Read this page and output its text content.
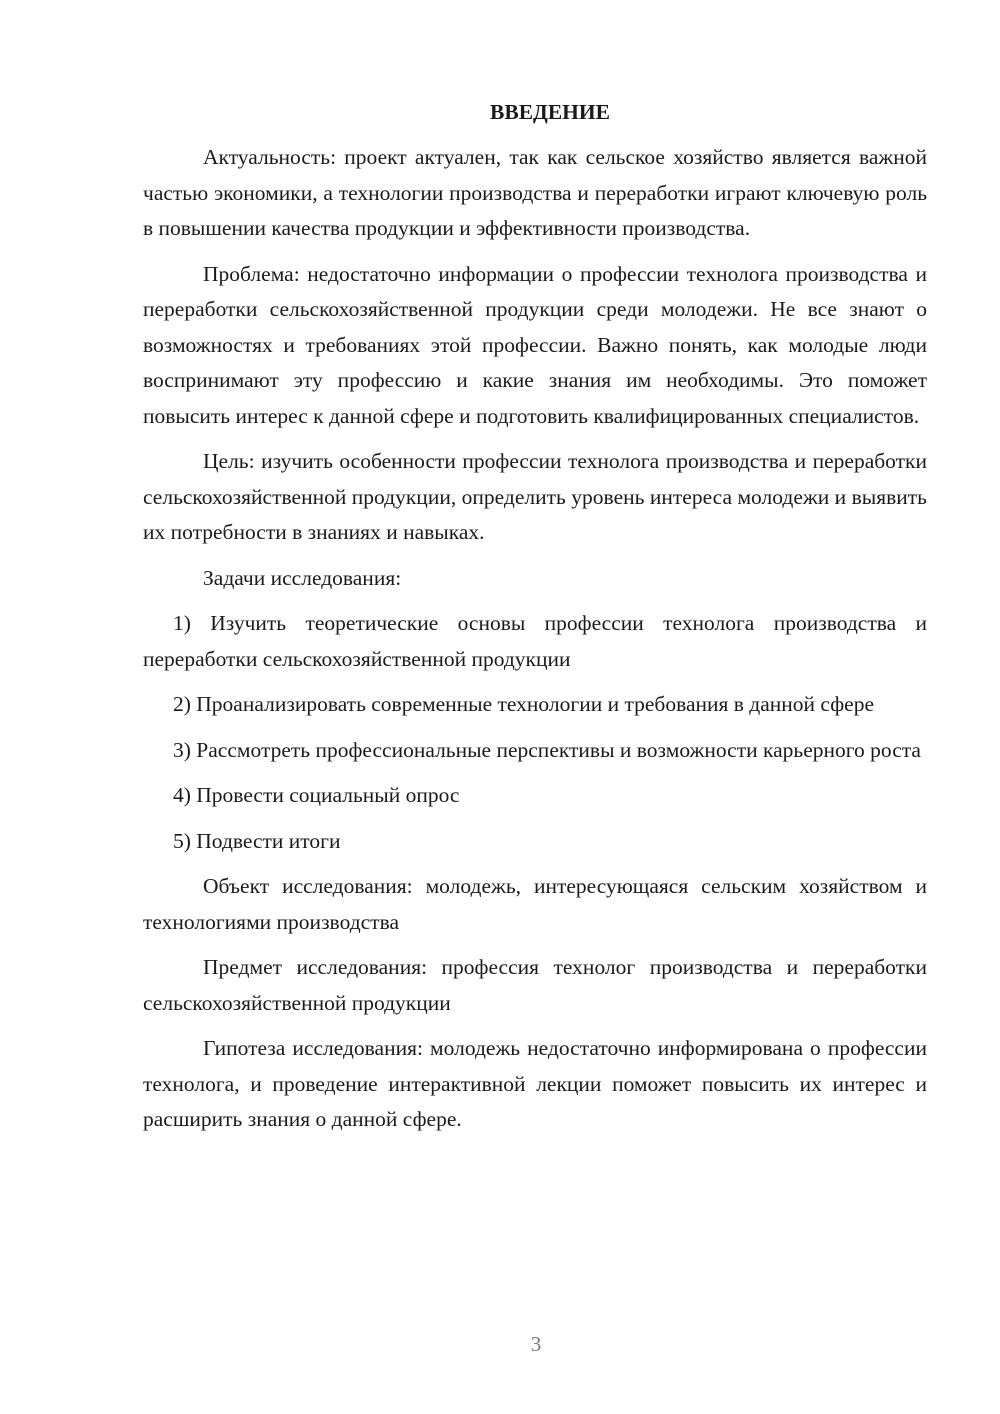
ВВЕДЕНИЕ

Актуальность: проект актуален, так как сельское хозяйство является важной частью экономики, а технологии производства и переработки играют ключевую роль в повышении качества продукции и эффективности производства.

Проблема: недостаточно информации о профессии технолога производства и переработки сельскохозяйственной продукции среди молодежи. Не все знают о возможностях и требованиях этой профессии. Важно понять, как молодые люди воспринимают эту профессию и какие знания им необходимы. Это поможет повысить интерес к данной сфере и подготовить квалифицированных специалистов.

Цель: изучить особенности профессии технолога производства и переработки сельскохозяйственной продукции, определить уровень интереса молодежи и выявить их потребности в знаниях и навыках.

Задачи исследования:

1) Изучить теоретические основы профессии технолога производства и переработки сельскохозяйственной продукции

2) Проанализировать современные технологии и требования в данной сфере

3) Рассмотреть профессиональные перспективы и возможности карьерного роста

4) Провести социальный опрос

5) Подвести итоги

Объект исследования: молодежь, интересующаяся сельским хозяйством и технологиями производства

Предмет исследования: профессия технолог производства и переработки сельскохозяйственной продукции

Гипотеза исследования: молодежь недостаточно информирована о профессии технолога, и проведение интерактивной лекции поможет повысить их интерес и расширить знания о данной сфере.

3
